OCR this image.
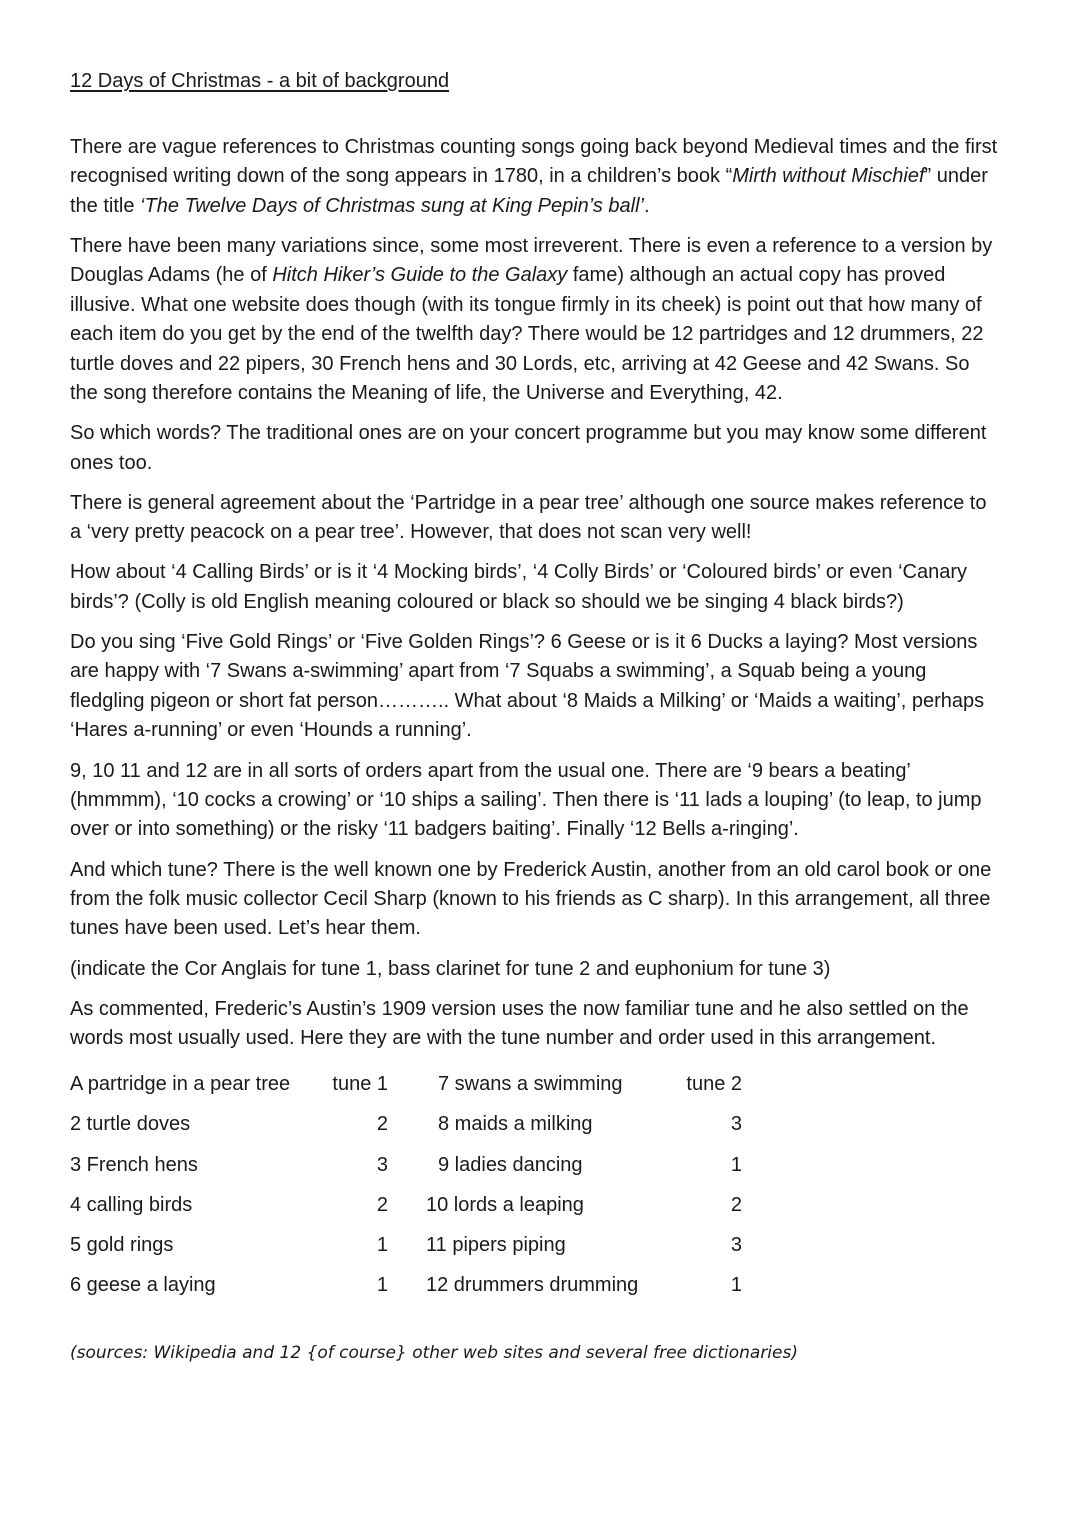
12 Days of Christmas - a bit of background

There are vague references to Christmas counting songs going back beyond Medieval times and the first recognised writing down of the song appears in 1780, in a children’s book “Mirth without Mischief” under the title ‘The Twelve Days of Christmas sung at King Pepin’s ball’.

There have been many variations since, some most irreverent. There is even a reference to a version by Douglas Adams (he of Hitch Hiker’s Guide to the Galaxy fame) although an actual copy has proved illusive. What one website does though (with its tongue firmly in its cheek) is point out that how many of each item do you get by the end of the twelfth day? There would be 12 partridges and 12 drummers, 22 turtle doves and 22 pipers, 30 French hens and 30 Lords, etc, arriving at 42 Geese and 42 Swans. So the song therefore contains the Meaning of life, the Universe and Everything, 42.

So which words? The traditional ones are on your concert programme but you may know some different ones too.

There is general agreement about the ‘Partridge in a pear tree’ although one source makes reference to a ‘very pretty peacock on a pear tree’. However, that does not scan very well!

How about ‘4 Calling Birds’ or is it ‘4 Mocking birds’, ‘4 Colly Birds’ or ‘Coloured birds’ or even ‘Canary birds’? (Colly is old English meaning coloured or black so should we be singing 4 black birds?)

Do you sing ‘Five Gold Rings’ or ‘Five Golden Rings’? 6 Geese or is it 6 Ducks a laying? Most versions are happy with ‘7 Swans a-swimming’ apart from ‘7 Squabs a swimming’, a Squab being a young fledgling pigeon or short fat person……….. What about ‘8 Maids a Milking’ or ‘Maids a waiting’, perhaps ‘Hares a-running’ or even ‘Hounds a running’.

9, 10 11 and 12 are in all sorts of orders apart from the usual one. There are ‘9 bears a beating’ (hmmmm), ‘10 cocks a crowing’ or ‘10 ships a sailing’. Then there is ‘11 lads a louping’ (to leap, to jump over or into something) or the risky ‘11 badgers baiting’. Finally ‘12 Bells a-ringing’.

And which tune? There is the well known one by Frederick Austin, another from an old carol book or one from the folk music collector Cecil Sharp (known to his friends as C sharp). In this arrangement, all three tunes have been used. Let’s hear them.

(indicate the Cor Anglais for tune 1, bass clarinet for tune 2 and euphonium for tune 3)

As commented, Frederic’s Austin’s 1909 version uses the now familiar tune and he also settled on the words most usually used. Here they are with the tune number and order used in this arrangement.

A partridge in a pear tree	tune 1		7 swans a swimming	tune 2
2 turtle doves	2		8 maids a milking	3
3 French hens	3		9 ladies dancing	1
4 calling birds	2		10 lords a leaping	2
5 gold rings	1		11 pipers piping	3
6 geese a laying	1		12 drummers drumming	1
(sources: Wikipedia and 12 {of course} other web sites and several free dictionaries)
